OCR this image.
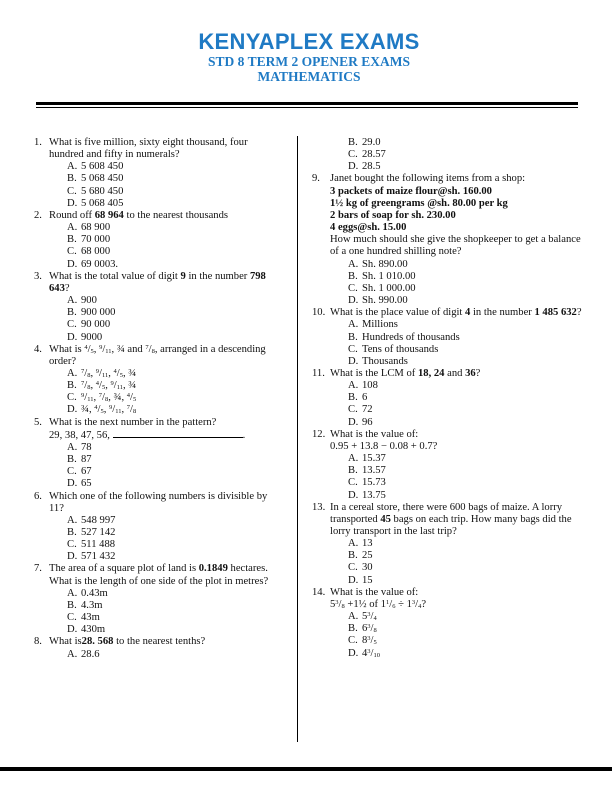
KENYAPLEX EXAMS
STD 8 TERM 2 OPENER EXAMS
MATHEMATICS
1. What is five million, sixty eight thousand, four hundred and fifty in numerals?
A. 5 608 450
B. 5 068 450
C. 5 680 450
D. 5 068 405
2. Round off 68 964 to the nearest thousands
A. 68 900
B. 70 000
C. 68 000
D. 69 0003.
3. What is the total value of digit 9 in the number 798 643?
A. 900
B. 900 000
C. 90 000
D. 9000
4. What is $^4/_5$, $^9/_{11}$, ¾ and $^7/_8$, arranged in a descending order?
A. $^7/_8$, $^9/_{11}$, $^4/_5$, ¾
B. $^7/_8$, $^4/_5$, $^9/_{11}$, ¾
C. $^9/_{11}$, $^7/_8$, ¾, $^4/_5$
D. ¾, $^4/_5$, $^9/_{11}$, $^7/_8$
5. What is the next number in the pattern?
29, 38, 47, 56,	.
A. 78
B. 87
C. 67
D. 65
6. Which one of the following numbers is divisible by 11?
A. 548 997
B. 527 142
C. 511 488
D. 571 432
7. The area of a square plot of land is 0.1849 hectares. What is the length of one side of the plot in metres?
A. 0.43m
B. 4.3m
C. 43m
D. 430m
8. What is28. 568 to the nearest tenths?
A. 28.6
B. 29.0
C. 28.57
D. 28.5
9. Janet bought the following items from a shop:
3 packets of maize flour@sh. 160.00
1½ kg of greengrams @sh. 80.00 per kg
2 bars of soap for sh. 230.00
4 eggs@sh. 15.00
How much should she give the shopkeeper to get a balance of a one hundred shilling note?
A. Sh. 890.00
B. Sh. 1 010.00
C. Sh. 1 000.00
D. Sh. 990.00
10. What is the place value of digit 4 in the number 1 485 632?
A. Millions
B. Hundreds of thousands
C. Tens of thousands
D. Thousands
11. What is the LCM of 18, 24 and 36?
A. 108
B. 6
C. 72
D. 96
12. What is the value of:
0.95 + 13.8 − 0.08 + 0.7?
A. 15.37
B. 13.57
C. 15.73
D. 13.75
13. In a cereal store, there were 600 bags of maize. A lorry transported 45 bags on each trip. How many bags did the lorry transport in the last trip?
A. 13
B. 25
C. 30
D. 15
14. What is the value of:
$5^3/_8$ +1½ of $1^1/_6 \div 1^3/_4$?
A. $5^3/_4$
B. $6^3/_8$
C. $8^3/_5$
D. $4^3/_{10}$
